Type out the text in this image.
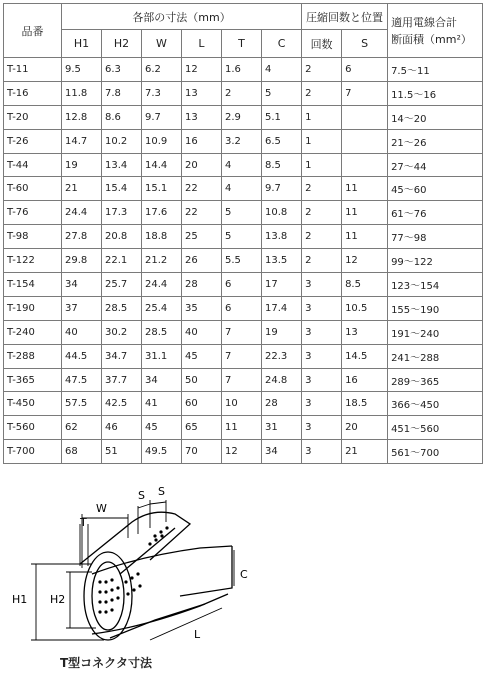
品番	各部の寸法（mm）						圧縮回数と位置		適用電線合計
断面積（mm²）
	H1	H2	W	L	T	C	回数	S	
T-11	9.5	6.3	6.2	12	1.6	4	2	6	7.5～11
T-16	11.8	7.8	7.3	13	2	5	2	7	11.5～16
T-20	12.8	8.6	9.7	13	2.9	5.1	1		14～20
T-26	14.7	10.2	10.9	16	3.2	6.5	1		21～26
T-44	19	13.4	14.4	20	4	8.5	1		27～44
T-60	21	15.4	15.1	22	4	9.7	2	11	45～60
T-76	24.4	17.3	17.6	22	5	10.8	2	11	61～76
T-98	27.8	20.8	18.8	25	5	13.8	2	11	77～98
T-122	29.8	22.1	21.2	26	5.5	13.5	2	12	99～122
T-154	34	25.7	24.4	28	6	17	3	8.5	123～154
T-190	37	28.5	25.4	35	6	17.4	3	10.5	155～190
T-240	40	30.2	28.5	40	7	19	3	13	191～240
T-288	44.5	34.7	31.1	45	7	22.3	3	14.5	241～288
T-365	47.5	37.7	34	50	7	24.8	3	16	289～365
T-450	57.5	42.5	41	60	10	28	3	18.5	366～450
T-560	62	46	45	65	11	31	3	20	451～560
T-700	68	51	49.5	70	12	34	3	21	561～700
H1 H2
W
T
S S
C
L
T型コネクタ寸法
